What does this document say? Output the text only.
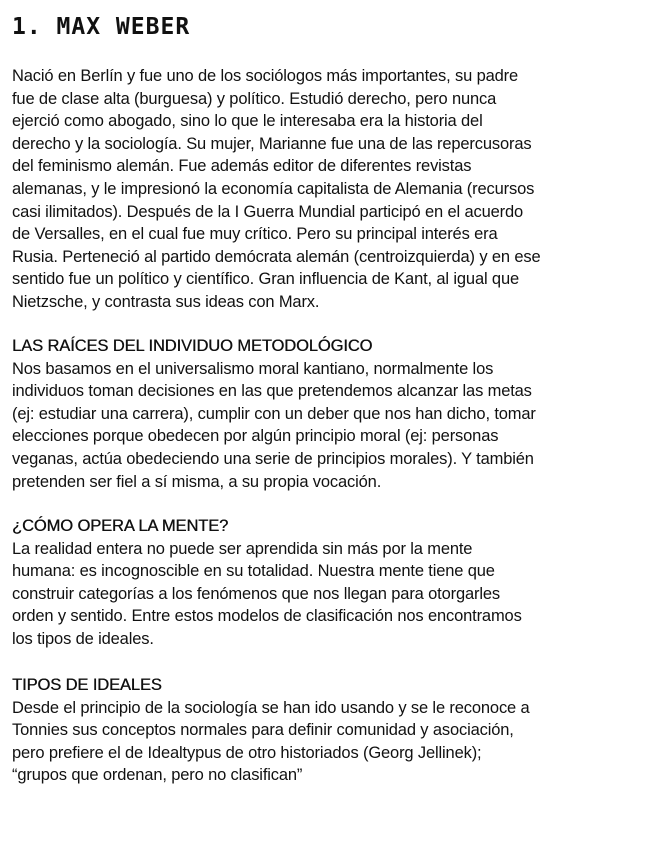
1. MAX WEBER

Nació en Berlín y fue uno de los sociólogos más importantes, su padre
fue de clase alta (burguesa) y político. Estudió derecho, pero nunca
ejerció como abogado, sino lo que le interesaba era la historia del
derecho y la sociología. Su mujer, Marianne fue una de las repercusoras
del feminismo alemán. Fue además editor de diferentes revistas
alemanas, y le impresionó la economía capitalista de Alemania (recursos
casi ilimitados). Después de la I Guerra Mundial participó en el acuerdo
de Versalles, en el cual fue muy crítico. Pero su principal interés era
Rusia. Perteneció al partido demócrata alemán (centroizquierda) y en ese
sentido fue un político y científico. Gran influencia de Kant, al igual que
Nietzsche, y contrasta sus ideas con Marx.

LAS RAÍCES DEL INDIVIDUO METODOLÓGICO

Nos basamos en el universalismo moral kantiano, normalmente los
individuos toman decisiones en las que pretendemos alcanzar las metas
(ej: estudiar una carrera), cumplir con un deber que nos han dicho, tomar
elecciones porque obedecen por algún principio moral (ej: personas
veganas, actúa obedeciendo una serie de principios morales). Y también
pretenden ser fiel a sí misma, a su propia vocación.

¿CÓMO OPERA LA MENTE?

La realidad entera no puede ser aprendida sin más por la mente
humana: es incognoscible en su totalidad. Nuestra mente tiene que
construir categorías a los fenómenos que nos llegan para otorgarles
orden y sentido. Entre estos modelos de clasificación nos encontramos
los tipos de ideales.

TIPOS DE IDEALES

Desde el principio de la sociología se han ido usando y se le reconoce a
Tonnies sus conceptos normales para definir comunidad y asociación,
pero prefiere el de Idealtypus de otro historiados (Georg Jellinek);
“grupos que ordenan, pero no clasifican”
